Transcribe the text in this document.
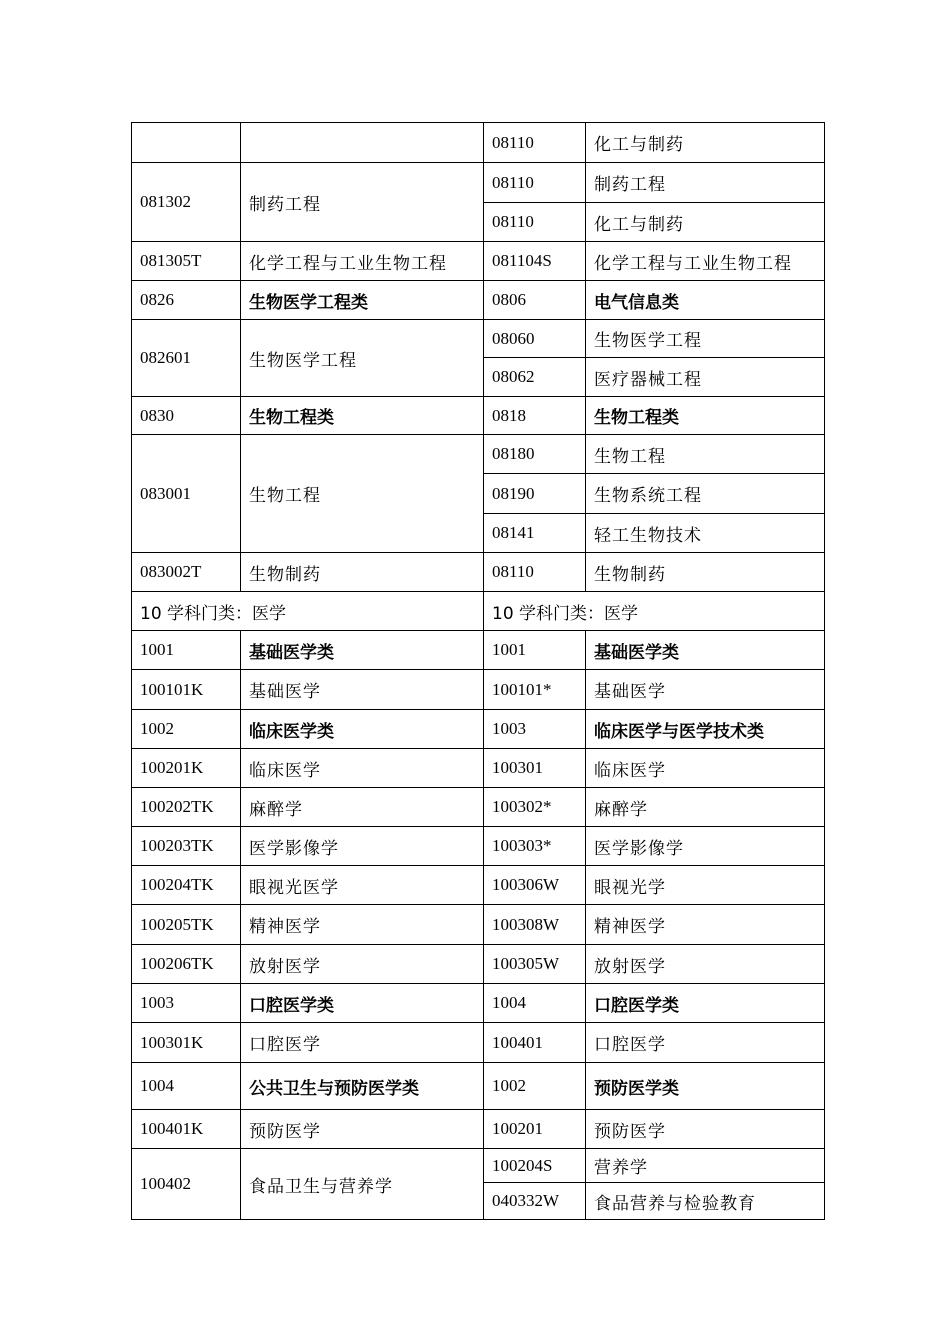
		08110	化工与制药
081302	制药工程	08110	制药工程
		08110	化工与制药
081305T	化学工程与工业生物工程	081104S	化学工程与工业生物工程
0826	生物医学工程类	0806	电气信息类
082601	生物医学工程	08060	生物医学工程
		08062	医疗器械工程
0830	生物工程类	0818	生物工程类
083001	生物工程	08180	生物工程
		08190	生物系统工程
		08141	轻工生物技术
083002T	生物制药	08110	生物制药
10 学科门类：医学		10 学科门类：医学	
1001	基础医学类	1001	基础医学类
100101K	基础医学	100101*	基础医学
1002	临床医学类	1003	临床医学与医学技术类
100201K	临床医学	100301	临床医学
100202TK	麻醉学	100302*	麻醉学
100203TK	医学影像学	100303*	医学影像学
100204TK	眼视光医学	100306W	眼视光学
100205TK	精神医学	100308W	精神医学
100206TK	放射医学	100305W	放射医学
1003	口腔医学类	1004	口腔医学类
100301K	口腔医学	100401	口腔医学
1004	公共卫生与预防医学类	1002	预防医学类
100401K	预防医学	100201	预防医学
100402	食品卫生与营养学	100204S	营养学
		040332W	食品营养与检验教育
